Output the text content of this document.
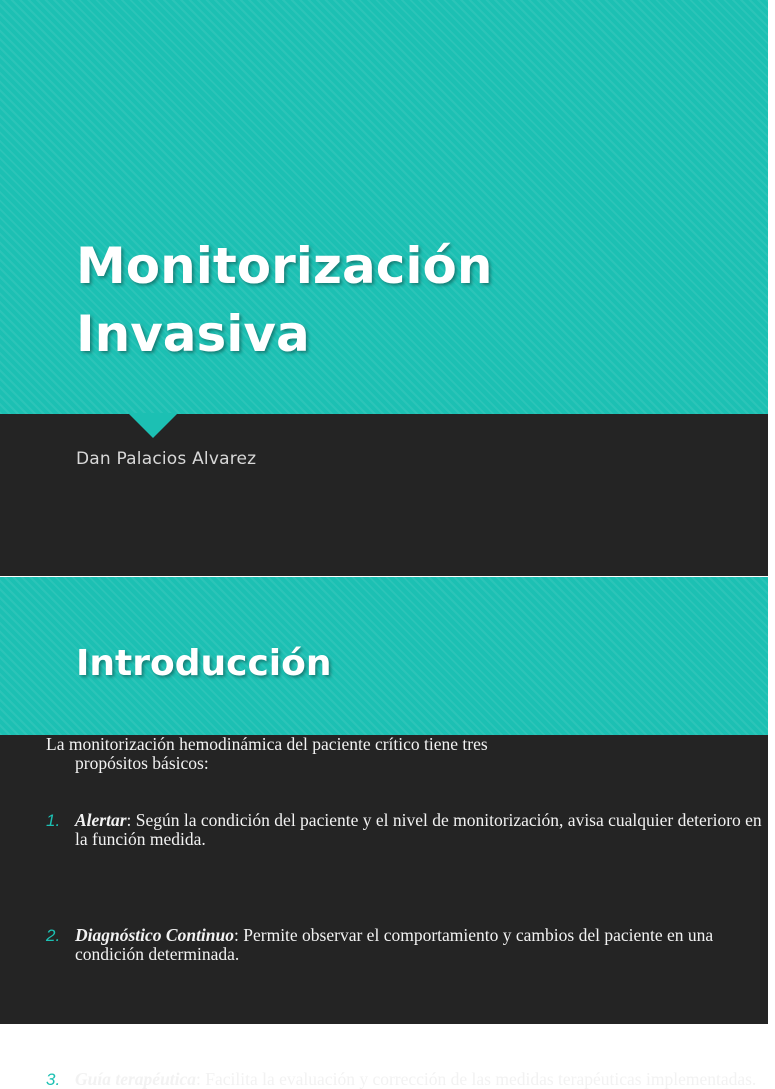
Monitorización
Invasiva

Dan Palacios Alvarez

Introducción

La monitorización hemodinámica del paciente crítico tiene tres
propósitos básicos:

1. Alertar: Según la condición del paciente y el nivel de monitorización, avisa cualquier deterioro en la función medida.

2. Diagnóstico Continuo: Permite observar el comportamiento y cambios del paciente en una condición determinada.

3. Guía terapéutica: Facilita la evaluación y corrección de las medidas terapéuticas implementadas.
